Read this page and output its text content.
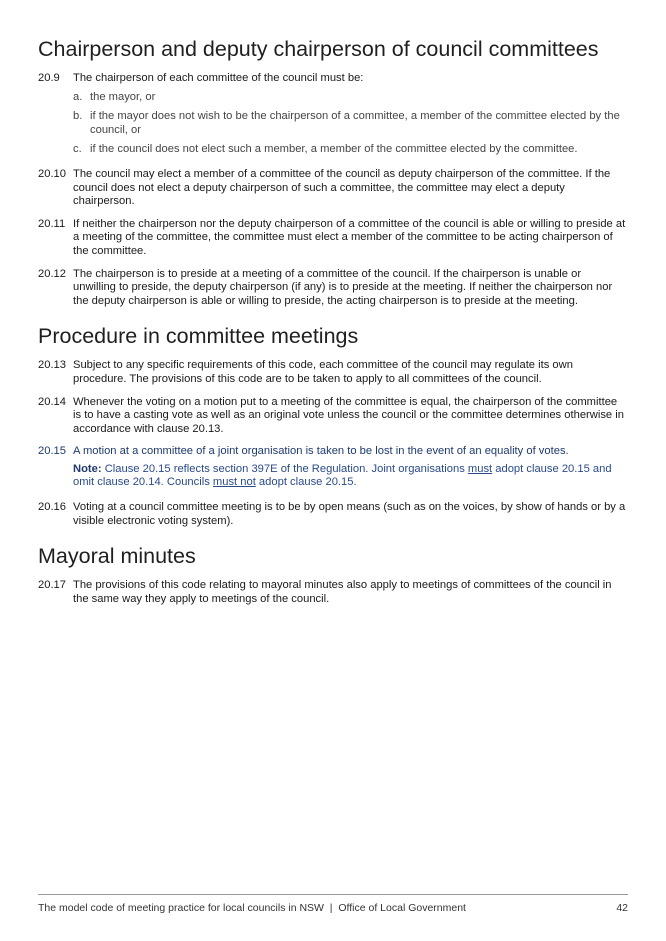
Chairperson and deputy chairperson of council committees
20.9	The chairperson of each committee of the council must be:
a. the mayor, or
b. if the mayor does not wish to be the chairperson of a committee, a member of the committee elected by the council, or
c. if the council does not elect such a member, a member of the committee elected by the committee.
20.10 The council may elect a member of a committee of the council as deputy chairperson of the committee. If the council does not elect a deputy chairperson of such a committee, the committee may elect a deputy chairperson.
20.11 If neither the chairperson nor the deputy chairperson of a committee of the council is able or willing to preside at a meeting of the committee, the committee must elect a member of the committee to be acting chairperson of the committee.
20.12 The chairperson is to preside at a meeting of a committee of the council. If the chairperson is unable or unwilling to preside, the deputy chairperson (if any) is to preside at the meeting. If neither the chairperson nor the deputy chairperson is able or willing to preside, the acting chairperson is to preside at the meeting.
Procedure in committee meetings
20.13 Subject to any specific requirements of this code, each committee of the council may regulate its own procedure. The provisions of this code are to be taken to apply to all committees of the council.
20.14 Whenever the voting on a motion put to a meeting of the committee is equal, the chairperson of the committee is to have a casting vote as well as an original vote unless the council or the committee determines otherwise in accordance with clause 20.13.
20.15 A motion at a committee of a joint organisation is taken to be lost in the event of an equality of votes.
Note: Clause 20.15 reflects section 397E of the Regulation. Joint organisations must adopt clause 20.15 and omit clause 20.14. Councils must not adopt clause 20.15.
20.16 Voting at a council committee meeting is to be by open means (such as on the voices, by show of hands or by a visible electronic voting system).
Mayoral minutes
20.17 The provisions of this code relating to mayoral minutes also apply to meetings of committees of the council in the same way they apply to meetings of the council.
The model code of meeting practice for local councils in NSW  |  Office of Local Government	42
